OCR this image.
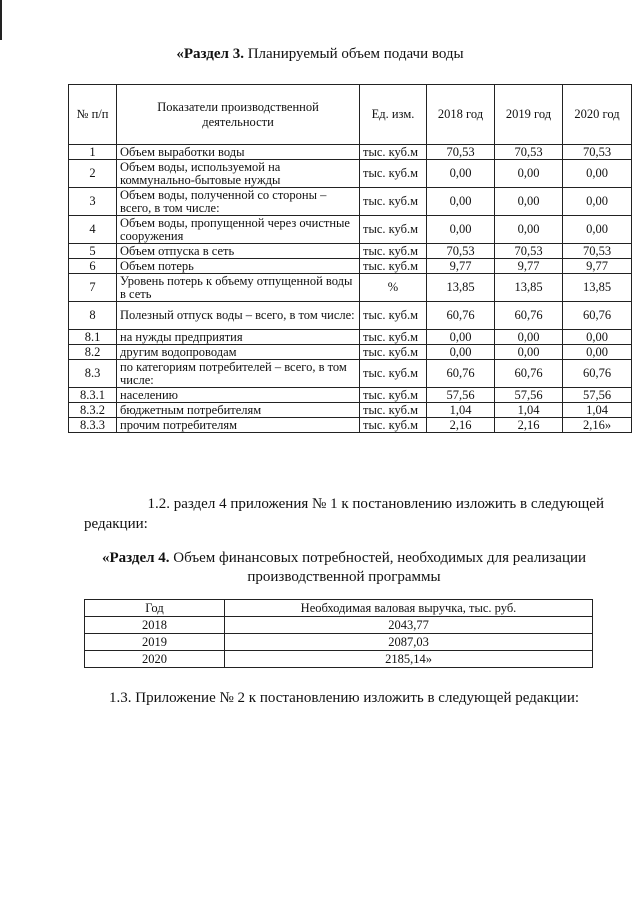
«Раздел 3. Планируемый объем подачи воды
№ п/п	Показатели производственной деятельности	Ед. изм.	2018 год	2019 год	2020 год
1	Объем выработки воды	тыс. куб.м	70,53	70,53	70,53
2	Объем воды, используемой на коммунально-бытовые нужды	тыс. куб.м	0,00	0,00	0,00
3	Объем воды, полученной со стороны – всего, в том числе:	тыс. куб.м	0,00	0,00	0,00
4	Объем воды, пропущенной через очистные сооружения	тыс. куб.м	0,00	0,00	0,00
5	Объем отпуска в сеть	тыс. куб.м	70,53	70,53	70,53
6	Объем потерь	тыс. куб.м	9,77	9,77	9,77
7	Уровень потерь к объему отпущенной воды в сеть	%	13,85	13,85	13,85
8	Полезный отпуск воды – всего, в том числе:	тыс. куб.м	60,76	60,76	60,76
8.1	на нужды предприятия	тыс. куб.м	0,00	0,00	0,00
8.2	другим водопроводам	тыс. куб.м	0,00	0,00	0,00
8.3	по категориям потребителей – всего, в том числе:	тыс. куб.м	60,76	60,76	60,76
8.3.1	населению	тыс. куб.м	57,56	57,56	57,56
8.3.2	бюджетным потребителям	тыс. куб.м	1,04	1,04	1,04
8.3.3	прочим потребителям	тыс. куб.м	2,16	2,16	2,16»
1.2. раздел 4 приложения № 1 к постановлению изложить в следующей
редакции:
«Раздел 4. Объем финансовых потребностей, необходимых для реализации производственной программы
Год	Необходимая валовая выручка, тыс. руб.
2018	2043,77
2019	2087,03
2020	2185,14»
1.3. Приложение № 2 к постановлению изложить в следующей редакции:
